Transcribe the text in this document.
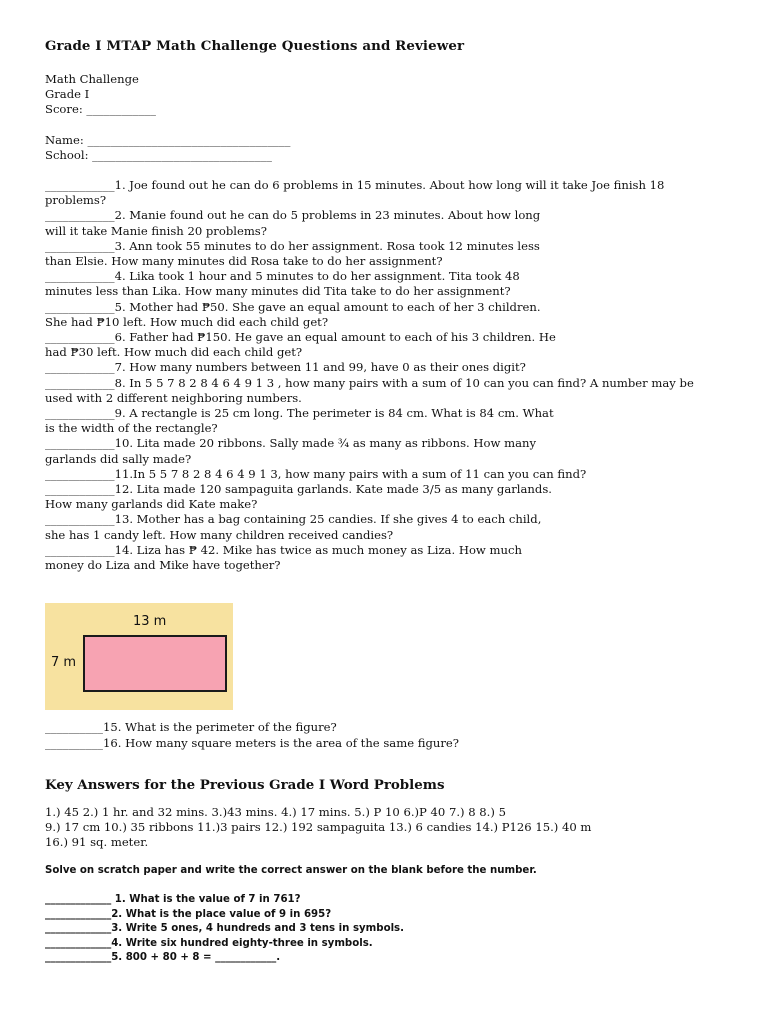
Grade I MTAP Math Challenge Questions and Reviewer

Math Challenge
Grade I
Score: ____________
Name: ___________________________________
School: _______________________________
____________1. Joe found out he can do 6 problems in 15 minutes. About how long will it take Joe finish 18
problems?
____________2. Manie found out he can do 5 problems in 23 minutes. About how long
will it take Manie finish 20 problems?
____________3. Ann took 55 minutes to do her assignment. Rosa took 12 minutes less
than Elsie. How many minutes did Rosa take to do her assignment?
____________4. Lika took 1 hour and 5 minutes to do her assignment. Tita took 48
minutes less than Lika. How many minutes did Tita take to do her assignment?
____________5. Mother had ₱50. She gave an equal amount to each of her 3 children.
She had ₱10 left. How much did each child get?
____________6. Father had ₱150. He gave an equal amount to each of his 3 children. He
had ₱30 left. How much did each child get?
____________7. How many numbers between 11 and 99, have 0 as their ones digit?
____________8. In 5 5 7 8 2 8 4 6 4 9 1 3 , how many pairs with a sum of 10 can you can find? A number may be
used with 2 different neighboring numbers.
____________9. A rectangle is 25 cm long. The perimeter is 84 cm. What is 84 cm. What
is the width of the rectangle?
____________10. Lita made 20 ribbons. Sally made ¾ as many as ribbons. How many
garlands did sally made?
____________11.In 5 5 7 8 2 8 4 6 4 9 1 3, how many pairs with a sum of 11 can you can find?
____________12. Lita made 120 sampaguita garlands. Kate made 3/5 as many garlands.
How many garlands did Kate make?
____________13. Mother has a bag containing 25 candies. If she gives 4 to each child,
she has 1 candy left. How many children received candies?
____________14. Liza has ₱ 42. Mike has twice as much money as Liza. How much
money do Liza and Mike have together?
13 m
7 m
__________15. What is the perimeter of the figure?
__________16. How many square meters is the area of the same figure?

Key Answers for the Previous Grade I Word Problems

1.) 45 2.) 1 hr. and 32 mins. 3.)43 mins. 4.) 17 mins. 5.) P 10 6.)P 40 7.) 8 8.) 5
9.) 17 cm 10.) 35 ribbons 11.)3 pairs 12.) 192 sampaguita 13.) 6 candies 14.) P126 15.) 40 m
16.) 91 sq. meter.
Solve on scratch paper and write the correct answer on the blank before the number.
_____________ 1. What is the value of 7 in 761?
_____________2. What is the place value of 9 in 695?
_____________3. Write 5 ones, 4 hundreds and 3 tens in symbols.
_____________4. Write six hundred eighty-three in symbols.
_____________5. 800 + 80 + 8 = ____________.
